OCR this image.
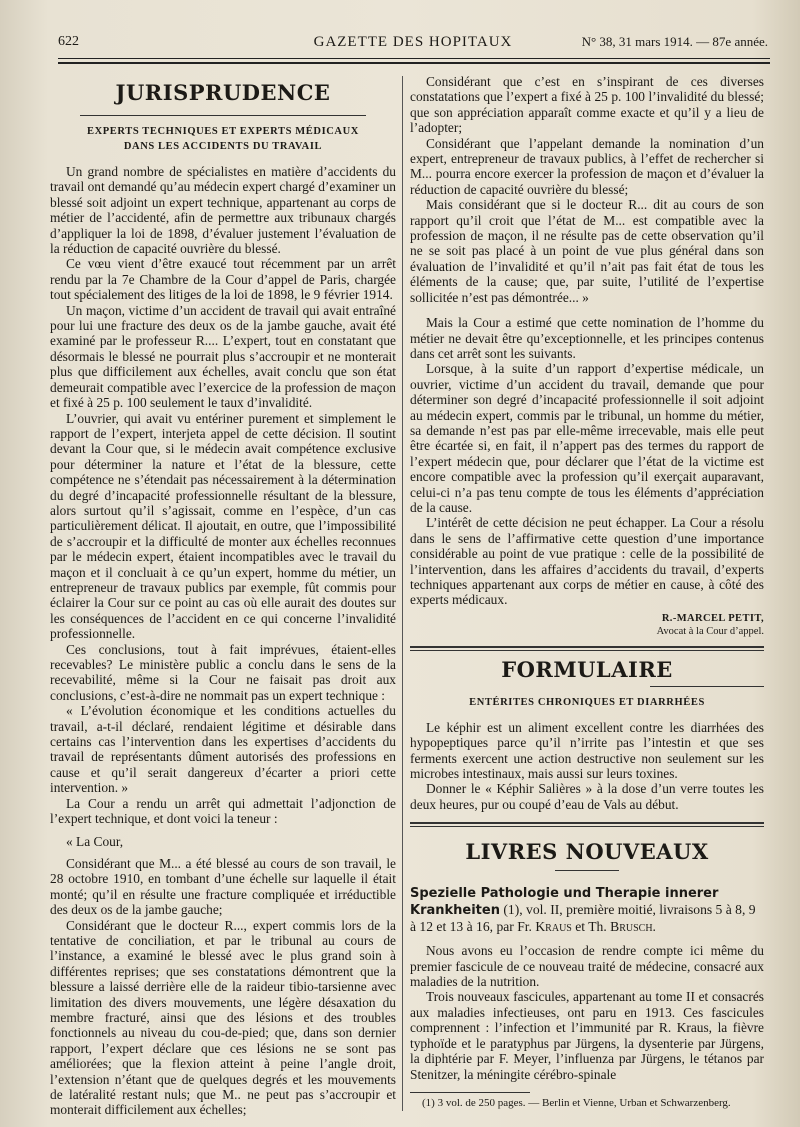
622	GAZETTE DES HOPITAUX	N° 38, 31 mars 1914. — 87e année.
JURISPRUDENCE
EXPERTS TECHNIQUES ET EXPERTS MÉDICAUX
DANS LES ACCIDENTS DU TRAVAIL

Un grand nombre de spécialistes en matière d’accidents du travail ont demandé qu’au médecin expert chargé d’examiner un blessé soit adjoint un expert technique, appartenant au corps de métier de l’accidenté, afin de permettre aux tribunaux chargés d’appliquer la loi de 1898, d’évaluer justement l’évaluation de la réduction de capacité ouvrière du blessé.

Ce vœu vient d’être exaucé tout récemment par un arrêt rendu par la 7e Chambre de la Cour d’appel de Paris, chargée tout spécialement des litiges de la loi de 1898, le 9 février 1914.

Un maçon, victime d’un accident de travail qui avait entraîné pour lui une fracture des deux os de la jambe gauche, avait été examiné par le professeur R.... L’expert, tout en constatant que désormais le blessé ne pourrait plus s’accroupir et ne monterait plus que difficilement aux échelles, avait conclu que son état demeurait compatible avec l’exercice de la profession de maçon et fixé à 25 p. 100 seulement le taux d’invalidité.

L’ouvrier, qui avait vu entériner purement et simplement le rapport de l’expert, interjeta appel de cette décision. Il soutint devant la Cour que, si le médecin avait compétence exclusive pour déterminer la nature et l’état de la blessure, cette compétence ne s’étendait pas nécessairement à la détermination du degré d’incapacité professionnelle résultant de la blessure, alors surtout qu’il s’agissait, comme en l’espèce, d’un cas particulièrement délicat. Il ajoutait, en outre, que l’impossibilité de s’accroupir et la difficulté de monter aux échelles reconnues par le médecin expert, étaient incompatibles avec le travail du maçon et il concluait à ce qu’un expert, homme du métier, un entrepreneur de travaux publics par exemple, fût commis pour éclairer la Cour sur ce point au cas où elle aurait des doutes sur les conséquences de l’accident en ce qui concerne l’invalidité professionnelle.

Ces conclusions, tout à fait imprévues, étaient-elles recevables? Le ministère public a conclu dans le sens de la recevabilité, même si la Cour ne faisait pas droit aux conclusions, c’est-à-dire ne nommait pas un expert technique :

« L’évolution économique et les conditions actuelles du travail, a-t-il déclaré, rendaient légitime et désirable dans certains cas l’intervention dans les expertises d’accidents du travail de représentants dûment autorisés des professions en cause et qu’il serait dangereux d’écarter a priori cette intervention. »

La Cour a rendu un arrêt qui admettait l’adjonction de l’expert technique, et dont voici la teneur :

« La Cour,

Considérant que M... a été blessé au cours de son travail, le 28 octobre 1910, en tombant d’une échelle sur laquelle il était monté; qu’il en résulte une fracture compliquée et irréductible des deux os de la jambe gauche;

Considérant que le docteur R..., expert commis lors de la tentative de conciliation, et par le tribunal au cours de l’instance, a examiné le blessé avec le plus grand soin à différentes reprises; que ses constatations démontrent que la blessure a laissé derrière elle de la raideur tibio-tarsienne avec limitation des divers mouvements, une légère désaxation du membre fracturé, ainsi que des lésions et des troubles fonctionnels au niveau du cou-de-pied; que, dans son dernier rapport, l’expert déclare que ces lésions ne se sont pas améliorées; que la flexion atteint à peine l’angle droit, l’extension n’étant que de quelques degrés et les mouvements de latéralité restant nuls; que M.. ne peut pas s’accroupir et monterait difficilement aux échelles;

Considérant que c’est en s’inspirant de ces diverses constatations que l’expert a fixé à 25 p. 100 l’invalidité du blessé; que son appréciation apparaît comme exacte et qu’il y a lieu de l’adopter;

Considérant que l’appelant demande la nomination d’un expert, entrepreneur de travaux publics, à l’effet de rechercher si M... pourra encore exercer la profession de maçon et d’évaluer la réduction de capacité ouvrière du blessé;

Mais considérant que si le docteur R... dit au cours de son rapport qu’il croit que l’état de M... est compatible avec la profession de maçon, il ne résulte pas de cette observation qu’il ne se soit pas placé à un point de vue plus général dans son évaluation de l’invalidité et qu’il n’ait pas fait état de tous les éléments de la cause; que, par suite, l’utilité de l’expertise sollicitée n’est pas démontrée... »

Mais la Cour a estimé que cette nomination de l’homme du métier ne devait être qu’exceptionnelle, et les principes contenus dans cet arrêt sont les suivants.

Lorsque, à la suite d’un rapport d’expertise médicale, un ouvrier, victime d’un accident du travail, demande que pour déterminer son degré d’incapacité professionnelle il soit adjoint au médecin expert, commis par le tribunal, un homme du métier, sa demande n’est pas par elle-même irrecevable, mais elle peut être écartée si, en fait, il n’appert pas des termes du rapport de l’expert médecin que, pour déclarer que l’état de la victime est encore compatible avec la profession qu’il exerçait auparavant, celui-ci n’a pas tenu compte de tous les éléments d’appréciation de la cause.

L’intérêt de cette décision ne peut échapper. La Cour a résolu dans le sens de l’affirmative cette question d’une importance considérable au point de vue pratique : celle de la possibilité de l’intervention, dans les affaires d’accidents du travail, d’experts techniques appartenant aux corps de métier en cause, à côté des experts médicaux.

R.-MARCEL PETIT,
Avocat à la Cour d’appel.

FORMULAIRE
ENTÉRITES CHRONIQUES ET DIARRHÉES

Le képhir est un aliment excellent contre les diarrhées des hypopeptiques parce qu’il n’irrite pas l’intestin et que ses ferments exercent une action destructive non seulement sur les microbes intestinaux, mais aussi sur leurs toxines.

Donner le « Képhir Salières » à la dose d’un verre toutes les deux heures, pur ou coupé d’eau de Vals au début.

LIVRES NOUVEAUX

Spezielle Pathologie und Therapie innerer Krankheiten (1), vol. II, première moitié, livraisons 5 à 8, 9 à 12 et 13 à 16, par Fr. Kraus et Th. Brusch.

Nous avons eu l’occasion de rendre compte ici même du premier fascicule de ce nouveau traité de médecine, consacré aux maladies de la nutrition.

Trois nouveaux fascicules, appartenant au tome II et consacrés aux maladies infectieuses, ont paru en 1913. Ces fascicules comprennent : l’infection et l’immunité par R. Kraus, la fièvre typhoïde et le paratyphus par Jürgens, la dysenterie par Jürgens, la diphtérie par F. Meyer, l’influenza par Jürgens, le tétanos par Stenitzer, la méningite cérébro-spinale

(1) 3 vol. de 250 pages. — Berlin et Vienne, Urban et Schwarzenberg.
